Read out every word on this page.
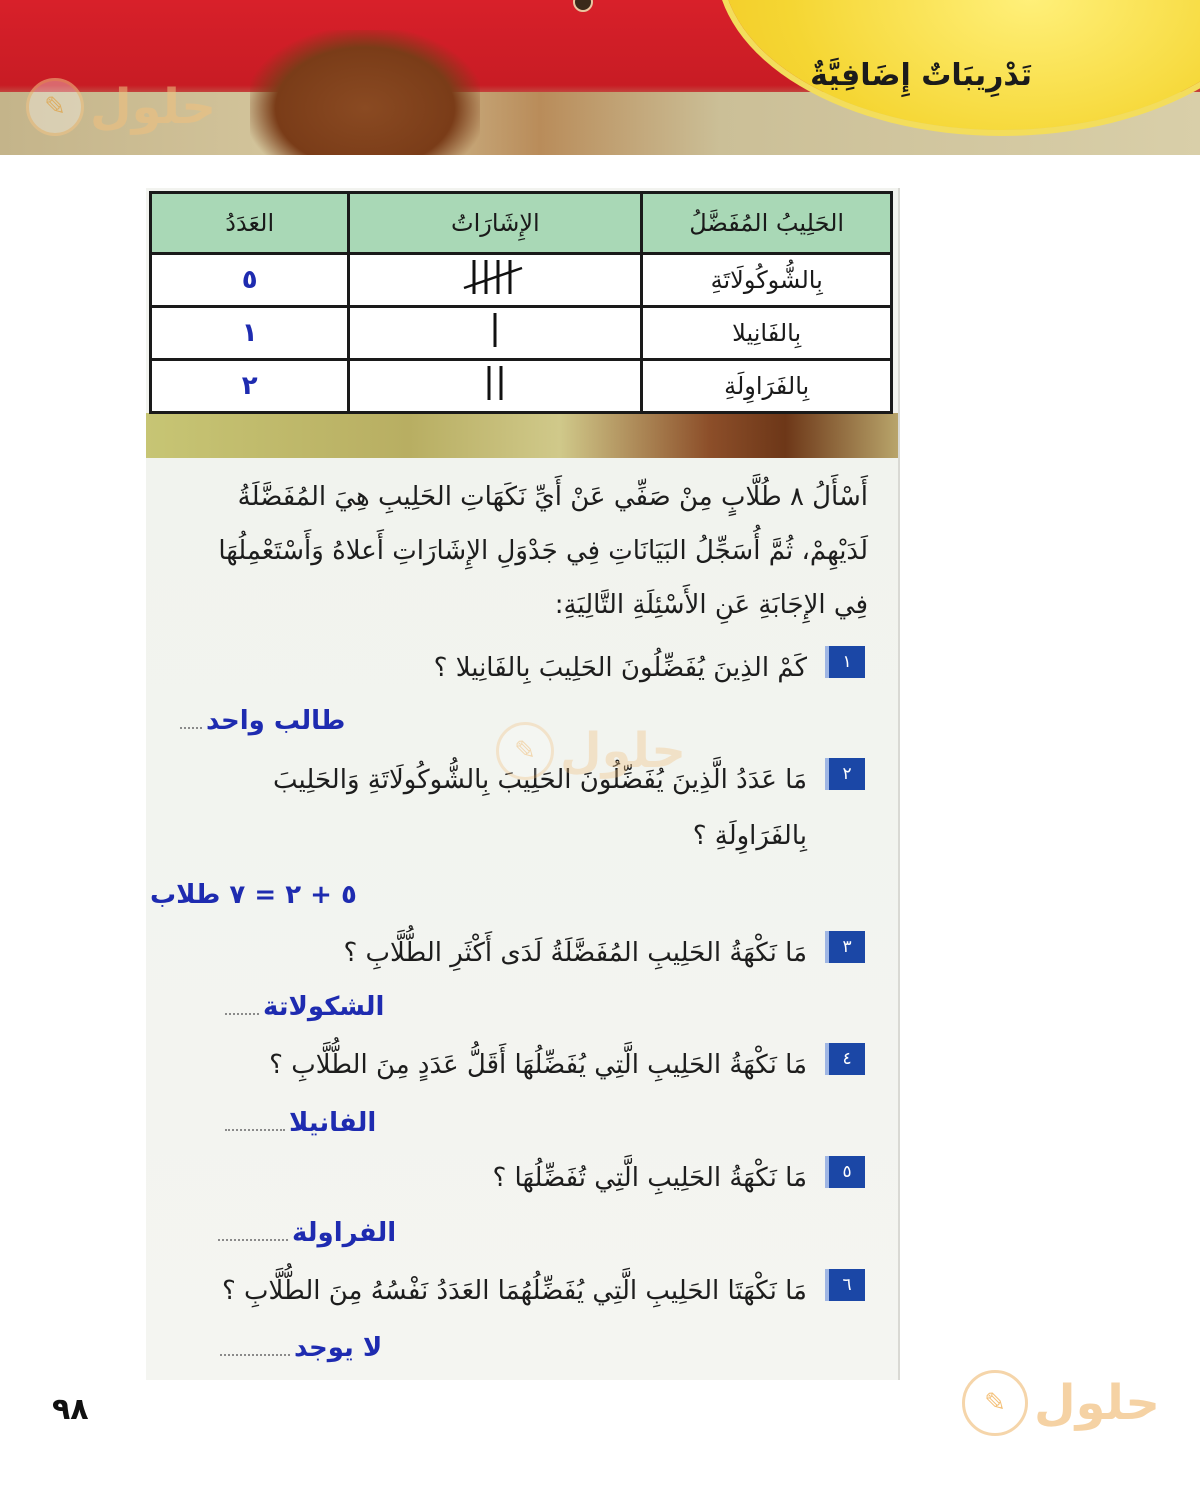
تَدْرِيبَاتٌ إِضَافِيَّةٌ
✎ حلول
الحَلِيبُ المُفَضَّلُ	الإِشَارَاتُ	العَدَدُ
بِالشُّوكُولَاتَةِ		٥
بِالفَانِيلا		١
بِالفَرَاوِلَةِ		٢
أَسْأَلُ ٨ طُلَّابٍ مِنْ صَفِّي عَنْ أَيِّ نَكَهَاتِ الحَلِيبِ هِيَ المُفَضَّلَةُ لَدَيْهِمْ، ثُمَّ أُسَجِّلُ البَيَانَاتِ فِي جَدْوَلِ الإِشَارَاتِ أَعلاهُ وَأَسْتَعْمِلُهَا فِي الإِجَابَةِ عَنِ الأَسْئِلَةِ التَّالِيَةِ:
١
كَمْ الذِينَ يُفَضِّلُونَ الحَلِيبَ بِالفَانِيلا ؟
طالب واحد
٢
مَا عَدَدُ الَّذِينَ يُفَضِّلُونَ الحَلِيبَ بِالشُّوكُولَاتَةِ وَالحَلِيبَ بِالفَرَاوِلَةِ ؟
٥ + ٢ = ٧ طلاب
٣
مَا نَكْهَةُ الحَلِيبِ المُفَضَّلَةُ لَدَى أَكْثَرِ الطُّلَّابِ ؟
الشكولاتة
٤
مَا نَكْهَةُ الحَلِيبِ الَّتِي يُفَضِّلُهَا أَقَلُّ عَدَدٍ مِنَ الطُّلَّابِ ؟
الفانيلا
٥
مَا نَكْهَةُ الحَلِيبِ الَّتِي تُفَضِّلُهَا ؟
الفراولة
٦
مَا نَكْهَتَا الحَلِيبِ الَّتِي يُفَضِّلُهُمَا العَدَدُ نَفْسُهُ مِنَ الطُّلَّابِ ؟
لا يوجد
✎ حلول
✎ حلول
٩٨
